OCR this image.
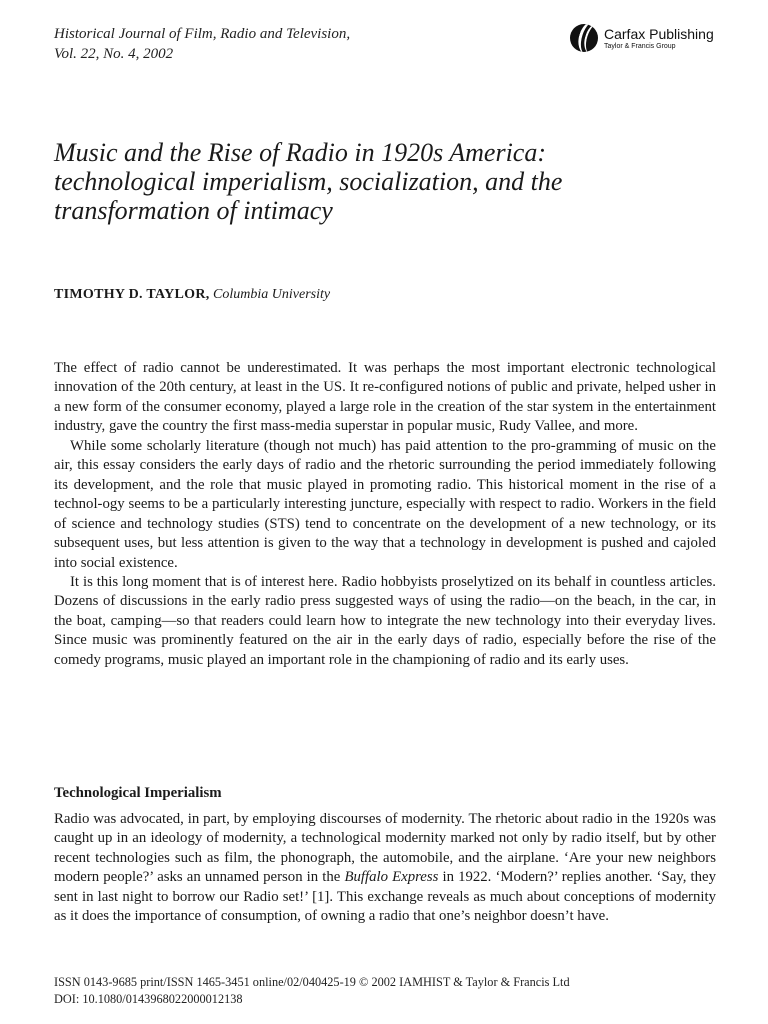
Historical Journal of Film, Radio and Television,
Vol. 22, No. 4, 2002
Carfax Publishing
Taylor & Francis Group
Music and the Rise of Radio in 1920s America: technological imperialism, socialization, and the transformation of intimacy
TIMOTHY D. TAYLOR, Columbia University

The effect of radio cannot be underestimated. It was perhaps the most important electronic technological innovation of the 20th century, at least in the US. It re-configured notions of public and private, helped usher in a new form of the consumer economy, played a large role in the creation of the star system in the entertainment industry, gave the country the first mass-media superstar in popular music, Rudy Vallee, and more.

While some scholarly literature (though not much) has paid attention to the pro-gramming of music on the air, this essay considers the early days of radio and the rhetoric surrounding the period immediately following its development, and the role that music played in promoting radio. This historical moment in the rise of a technol-ogy seems to be a particularly interesting juncture, especially with respect to radio. Workers in the field of science and technology studies (STS) tend to concentrate on the development of a new technology, or its subsequent uses, but less attention is given to the way that a technology in development is pushed and cajoled into social existence.

It is this long moment that is of interest here. Radio hobbyists proselytized on its behalf in countless articles. Dozens of discussions in the early radio press suggested ways of using the radio—on the beach, in the car, in the boat, camping—so that readers could learn how to integrate the new technology into their everyday lives. Since music was prominently featured on the air in the early days of radio, especially before the rise of the comedy programs, music played an important role in the championing of radio and its early uses.

Technological Imperialism

Radio was advocated, in part, by employing discourses of modernity. The rhetoric about radio in the 1920s was caught up in an ideology of modernity, a technological modernity marked not only by radio itself, but by other recent technologies such as film, the phonograph, the automobile, and the airplane. ‘Are your new neighbors modern people?’ asks an unnamed person in the Buffalo Express in 1922. ‘Modern?’ replies another. ‘Say, they sent in last night to borrow our Radio set!’ [1]. This exchange reveals as much about conceptions of modernity as it does the importance of consumption, of owning a radio that one’s neighbor doesn’t have.

ISSN 0143-9685 print/ISSN 1465-3451 online/02/040425-19 © 2002 IAMHIST & Taylor & Francis Ltd
DOI: 10.1080/0143968022000012138
